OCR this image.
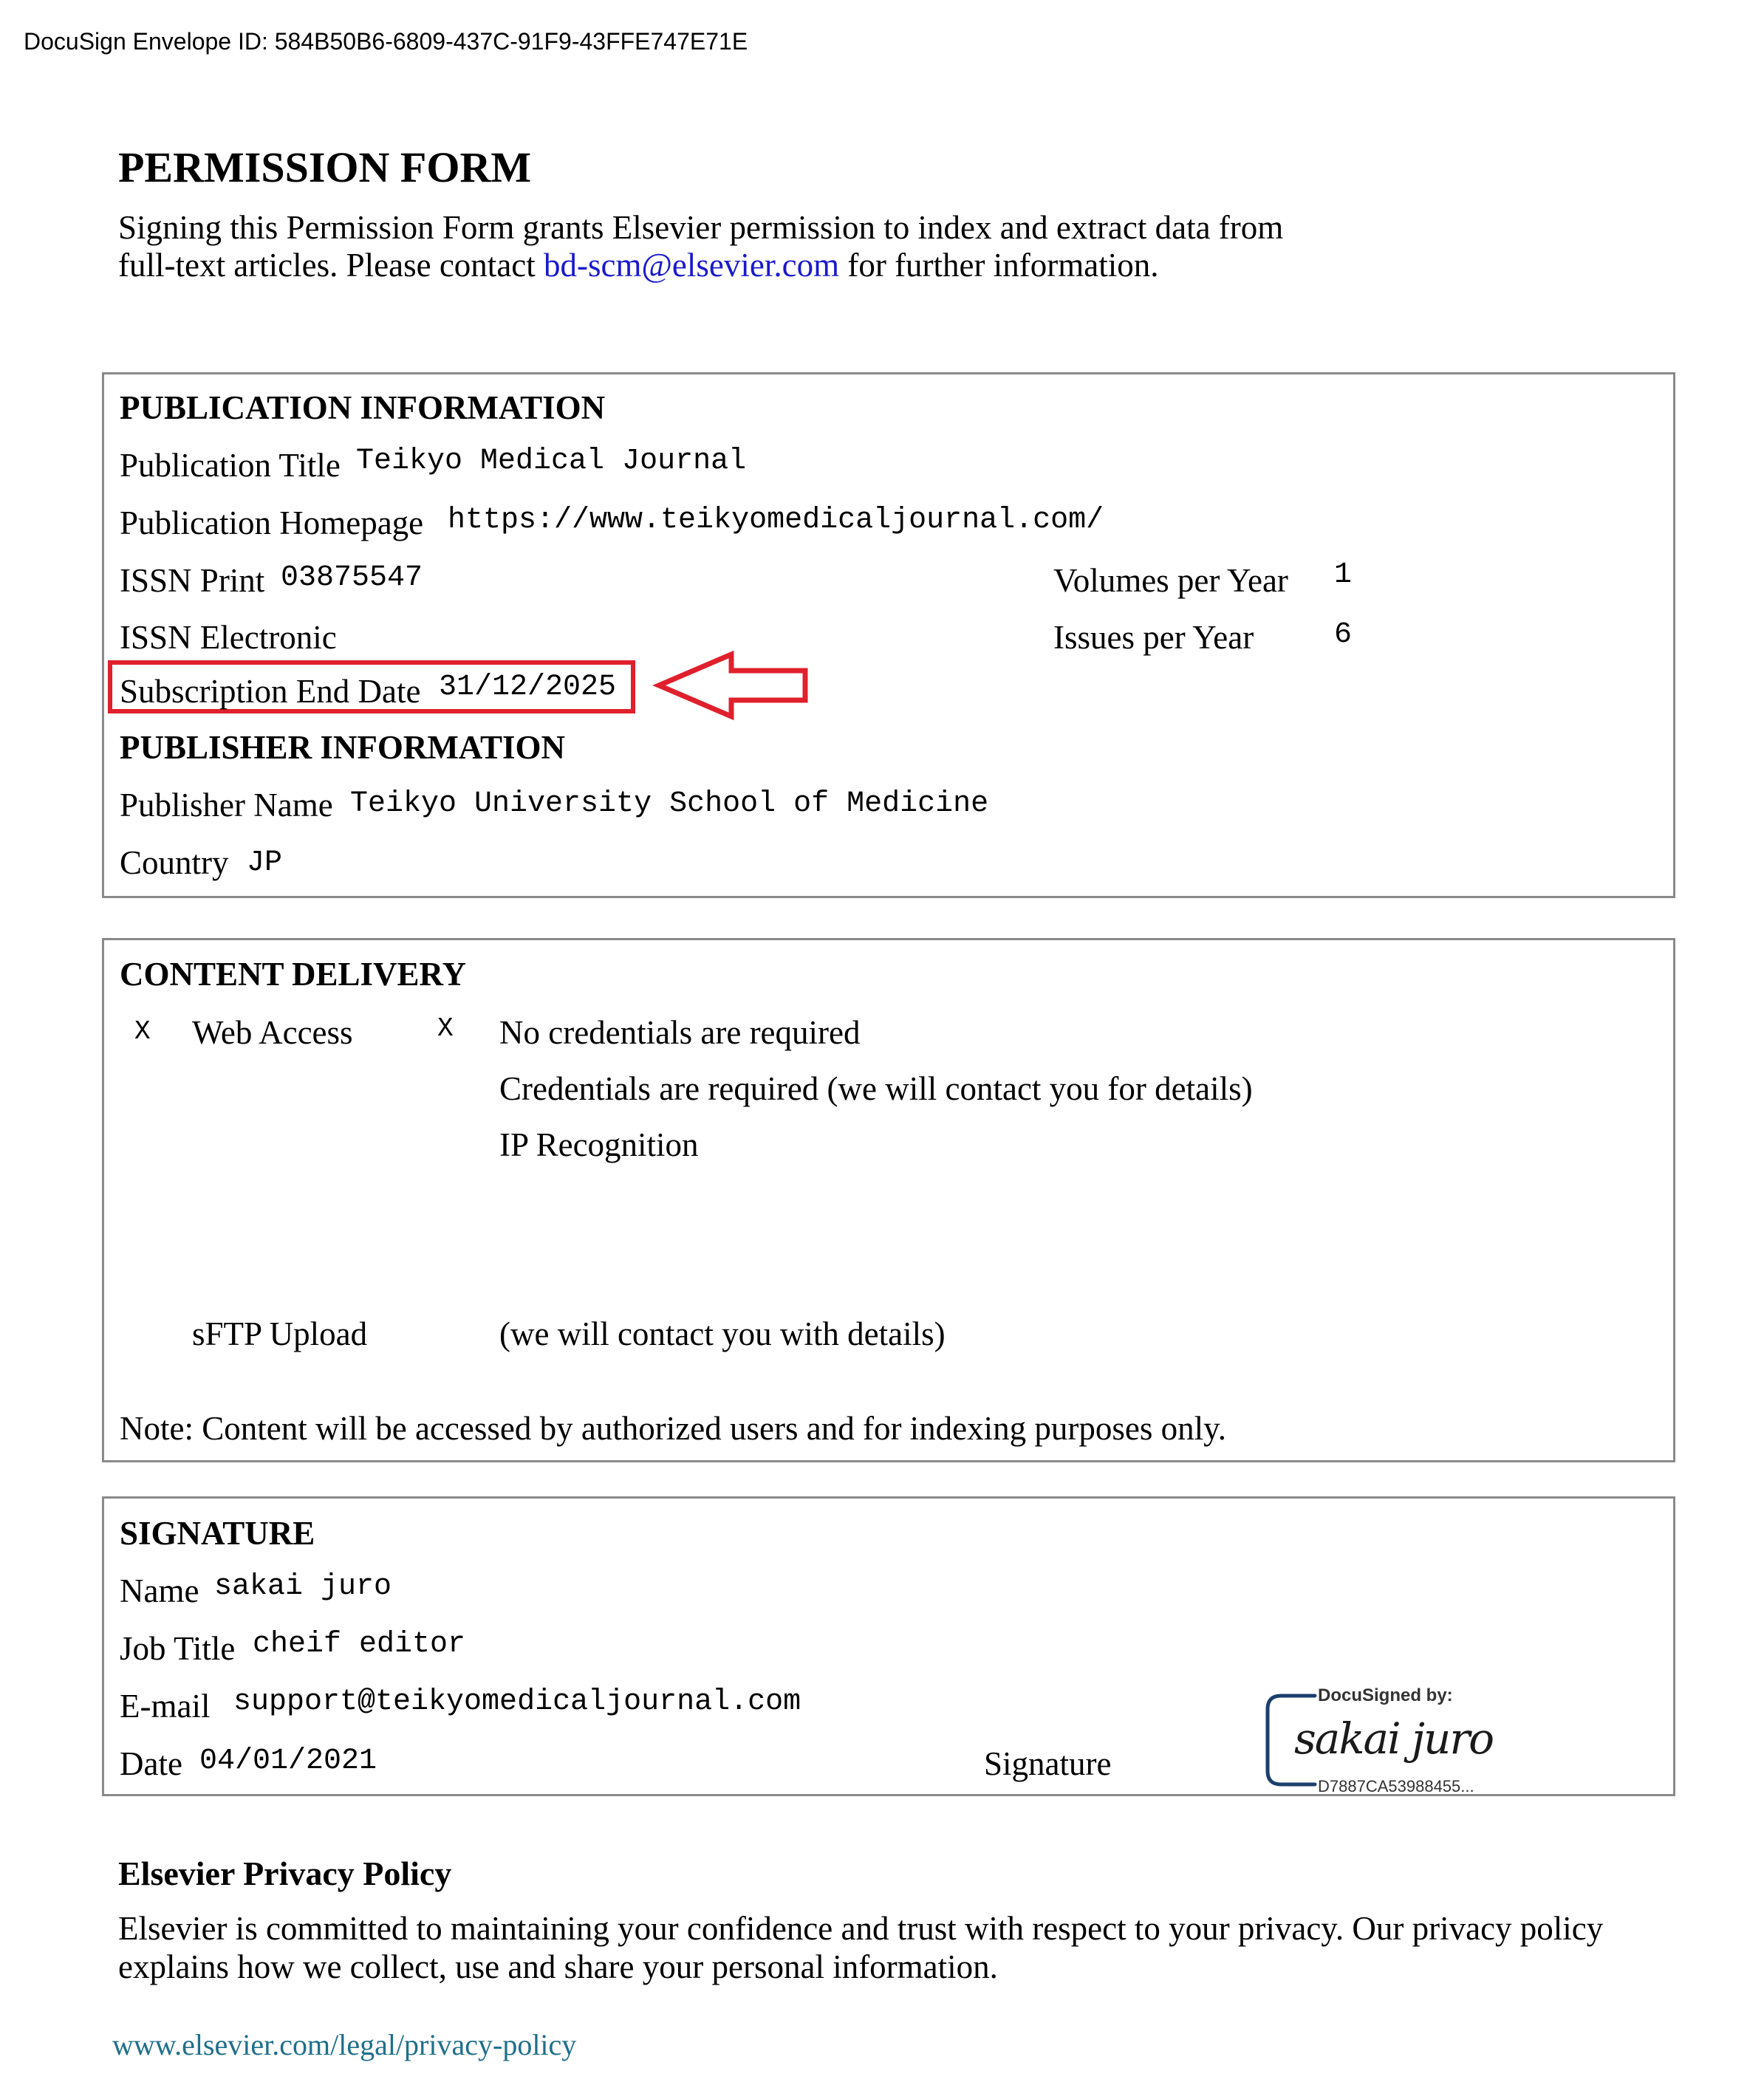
DocuSign Envelope ID: 584B50B6-6809-437C-91F9-43FFE747E71E
PERMISSION FORM
Signing this Permission Form grants Elsevier permission to index and extract data from
full-text articles. Please contact bd-scm@elsevier.com for further information.
PUBLICATION INFORMATION
Publication Title Teikyo Medical Journal
Publication Homepage https://www.teikyomedicaljournal.com/
ISSN Print 03875547	Volumes per Year 1
ISSN Electronic	Issues per Year	6
Subscription End Date 31/12/2025
PUBLISHER INFORMATION
Publisher Name Teikyo University School of Medicine
Country JP
CONTENT DELIVERY
X Web Access	X No credentials are required
Credentials are required (we will contact you for details)
IP Recognition
sFTP Upload	(we will contact you with details)
Note: Content will be accessed by authorized users and for indexing purposes only.
SIGNATURE
Name sakai juro
Job Title cheif editor
E-mail support@teikyomedicaljournal.com
Date 04/01/2021	Signature
DocuSigned by:
sakai juro
D7887CA53988455...
Elsevier Privacy Policy
Elsevier is committed to maintaining your confidence and trust with respect to your privacy. Our privacy policy
explains how we collect, use and share your personal information.
www.elsevier.com/legal/privacy-policy
